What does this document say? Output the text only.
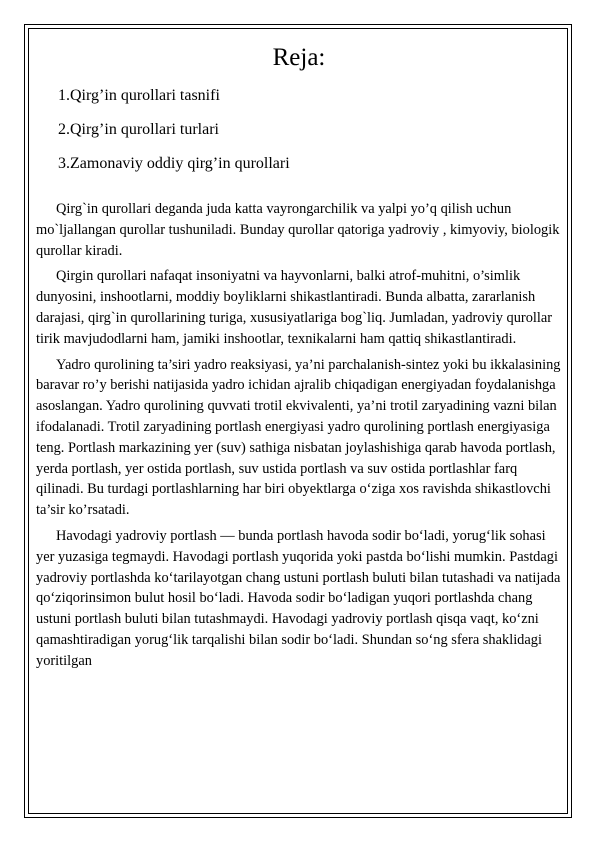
Reja:
1.Qirg’in qurollari tasnifi
2.Qirg’in qurollari turlari
3.Zamonaviy oddiy qirg’in qurollari

Qirg`in qurollari deganda juda katta vayrongarchilik va yalpi yo’q qilish uchun mo`ljallangan qurollar tushuniladi. Bunday qurollar qatoriga yadroviy , kimyoviy, biologik qurollar kiradi.

Qirgin qurollari nafaqat insoniyatni va hayvonlarni, balki atrof-muhitni, o’simlik dunyosini, inshootlarni, moddiy boyliklarni shikastlantiradi. Bunda albatta, zararlanish darajasi, qirg`in qurollarining turiga, xususiyatlariga bog`liq. Jumladan, yadroviy qurollar tirik mavjudodlarni ham, jamiki inshootlar, texnikalarni ham qattiq shikastlantiradi.

Yadro qurolining ta’siri yadro reaksiyasi, ya’ni parchalanish-sintez yoki bu ikkalasining baravar ro’y berishi natijasida yadro ichidan ajralib chiqadigan energiyadan foydalanishga asoslangan. Yadro qurolining quvvati trotil ekvivalenti, ya’ni trotil zaryadining vazni bilan ifodalanadi. Trotil zaryadining portlash energiyasi yadro qurolining portlash energiyasiga teng. Portlash markazining yer (suv) sathiga nisbatan joylashishiga qarab havoda portlash, yerda portlash, yer ostida portlash, suv ustida portlash va suv ostida portlashlar farq qilinadi. Bu turdagi portlashlarning har biri obyektlarga o‘ziga xos ravishda shikastlovchi ta’sir ko’rsatadi.

Havodagi yadroviy portlash — bunda portlash havoda sodir bo‘ladi, yorug‘lik sohasi yer yuzasiga tegmaydi. Havodagi portlash yuqorida yoki pastda bo‘lishi mumkin. Pastdagi yadroviy portlashda ko‘tarilayotgan chang ustuni portlash buluti bilan tutashadi va natijada qo‘ziqorinsimon bulut hosil bo‘ladi. Havoda sodir bo‘ladigan yuqori portlashda chang ustuni portlash buluti bilan tutashmaydi. Havodagi yadroviy portlash qisqa vaqt, ko‘zni qamashtiradigan yorug‘lik tarqalishi bilan sodir bo‘ladi. Shundan so‘ng sfera shaklidagi yoritilgan
